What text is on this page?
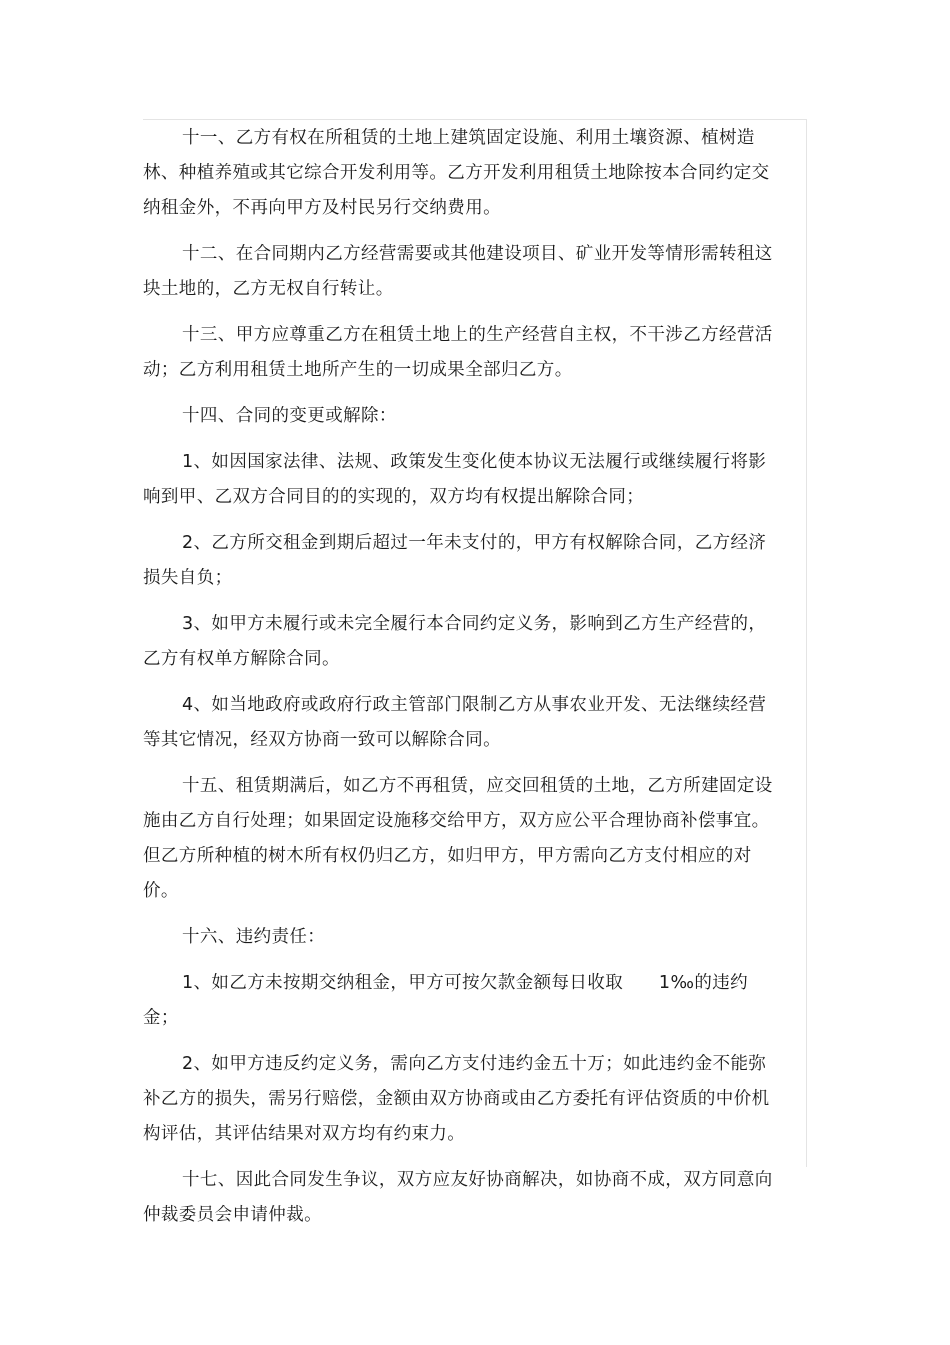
十一、乙方有权在所租赁的土地上建筑固定设施、利用土壤资源、植树造林、种植养殖或其它综合开发利用等。乙方开发利用租赁土地除按本合同约定交纳租金外，不再向甲方及村民另行交纳费用。

十二、在合同期内乙方经营需要或其他建设项目、矿业开发等情形需转租这块土地的，乙方无权自行转让。

十三、甲方应尊重乙方在租赁土地上的生产经营自主权，不干涉乙方经营活动；乙方利用租赁土地所产生的一切成果全部归乙方。

十四、合同的变更或解除：

1、如因国家法律、法规、政策发生变化使本协议无法履行或继续履行将影响到甲、乙双方合同目的的实现的，双方均有权提出解除合同；

2、乙方所交租金到期后超过一年未支付的，甲方有权解除合同，乙方经济损失自负；

3、如甲方未履行或未完全履行本合同约定义务，影响到乙方生产经营的，乙方有权单方解除合同。

4、如当地政府或政府行政主管部门限制乙方从事农业开发、无法继续经营等其它情况，经双方协商一致可以解除合同。

十五、租赁期满后，如乙方不再租赁，应交回租赁的土地，乙方所建固定设施由乙方自行处理；如果固定设施移交给甲方，双方应公平合理协商补偿事宜。但乙方所种植的树木所有权仍归乙方，如归甲方，甲方需向乙方支付相应的对价。

十六、违约责任：

1、如乙方未按期交纳租金，甲方可按欠款金额每日收取　　1‰的违约金；

2、如甲方违反约定义务，需向乙方支付违约金五十万；如此违约金不能弥补乙方的损失，需另行赔偿，金额由双方协商或由乙方委托有评估资质的中价机构评估，其评估结果对双方均有约束力。

十七、因此合同发生争议，双方应友好协商解决，如协商不成，双方同意向 仲裁委员会申请仲裁。
